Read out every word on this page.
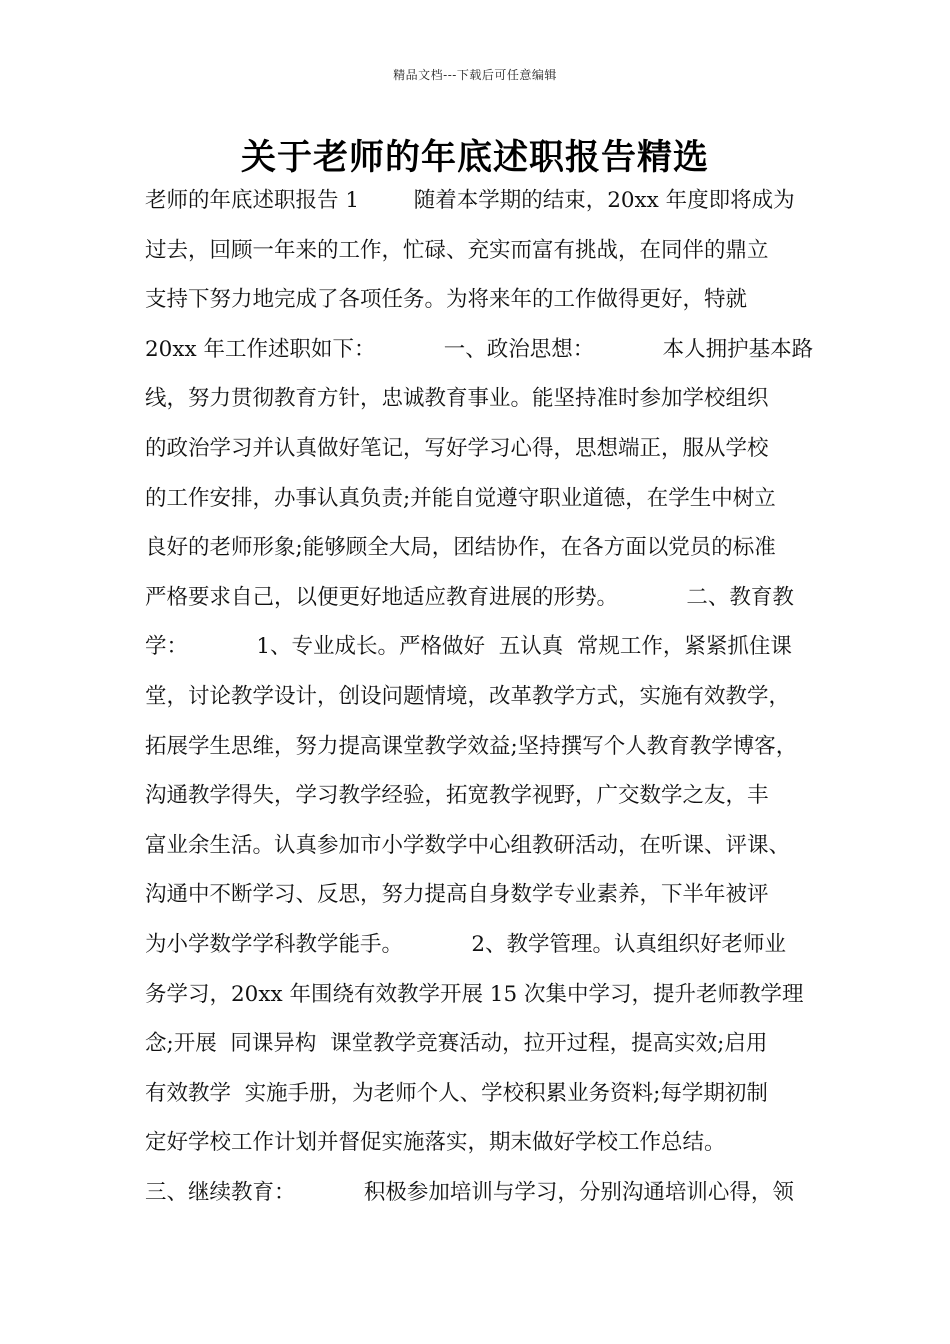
精品文档---下载后可任意编辑
关于老师的年底述职报告精选
老师的年底述职报告 1        随着本学期的结束，20xx 年度即将成为
过去，回顾一年来的工作，忙碌、充实而富有挑战，在同伴的鼎立
支持下努力地完成了各项任务。为将来年的工作做得更好，特就
20xx 年工作述职如下：          一、政治思想：          本人拥护基本路
线，努力贯彻教育方针，忠诚教育事业。能坚持准时参加学校组织
的政治学习并认真做好笔记，写好学习心得，思想端正，服从学校
的工作安排，办事认真负责;并能自觉遵守职业道德，在学生中树立
良好的老师形象;能够顾全大局，团结协作，在各方面以党员的标准
严格要求自己，以便更好地适应教育进展的形势。          二、教育教
学：          1、专业成长。严格做好  五认真  常规工作，紧紧抓住课
堂，讨论教学设计，创设问题情境，改革教学方式，实施有效教学，
拓展学生思维，努力提高课堂教学效益;坚持撰写个人教育教学博客，
沟通教学得失，学习教学经验，拓宽教学视野，广交数学之友，丰
富业余生活。认真参加市小学数学中心组教研活动，在听课、评课、
沟通中不断学习、反思，努力提高自身数学专业素养，下半年被评
为小学数学学科教学能手。          2、教学管理。认真组织好老师业
务学习，20xx 年围绕有效教学开展 15 次集中学习，提升老师教学理
念;开展  同课异构  课堂教学竞赛活动，拉开过程，提高实效;启用
有效教学  实施手册，为老师个人、学校积累业务资料;每学期初制
定好学校工作计划并督促实施落实，期末做好学校工作总结。
三、继续教育：          积极参加培训与学习，分别沟通培训心得，领
